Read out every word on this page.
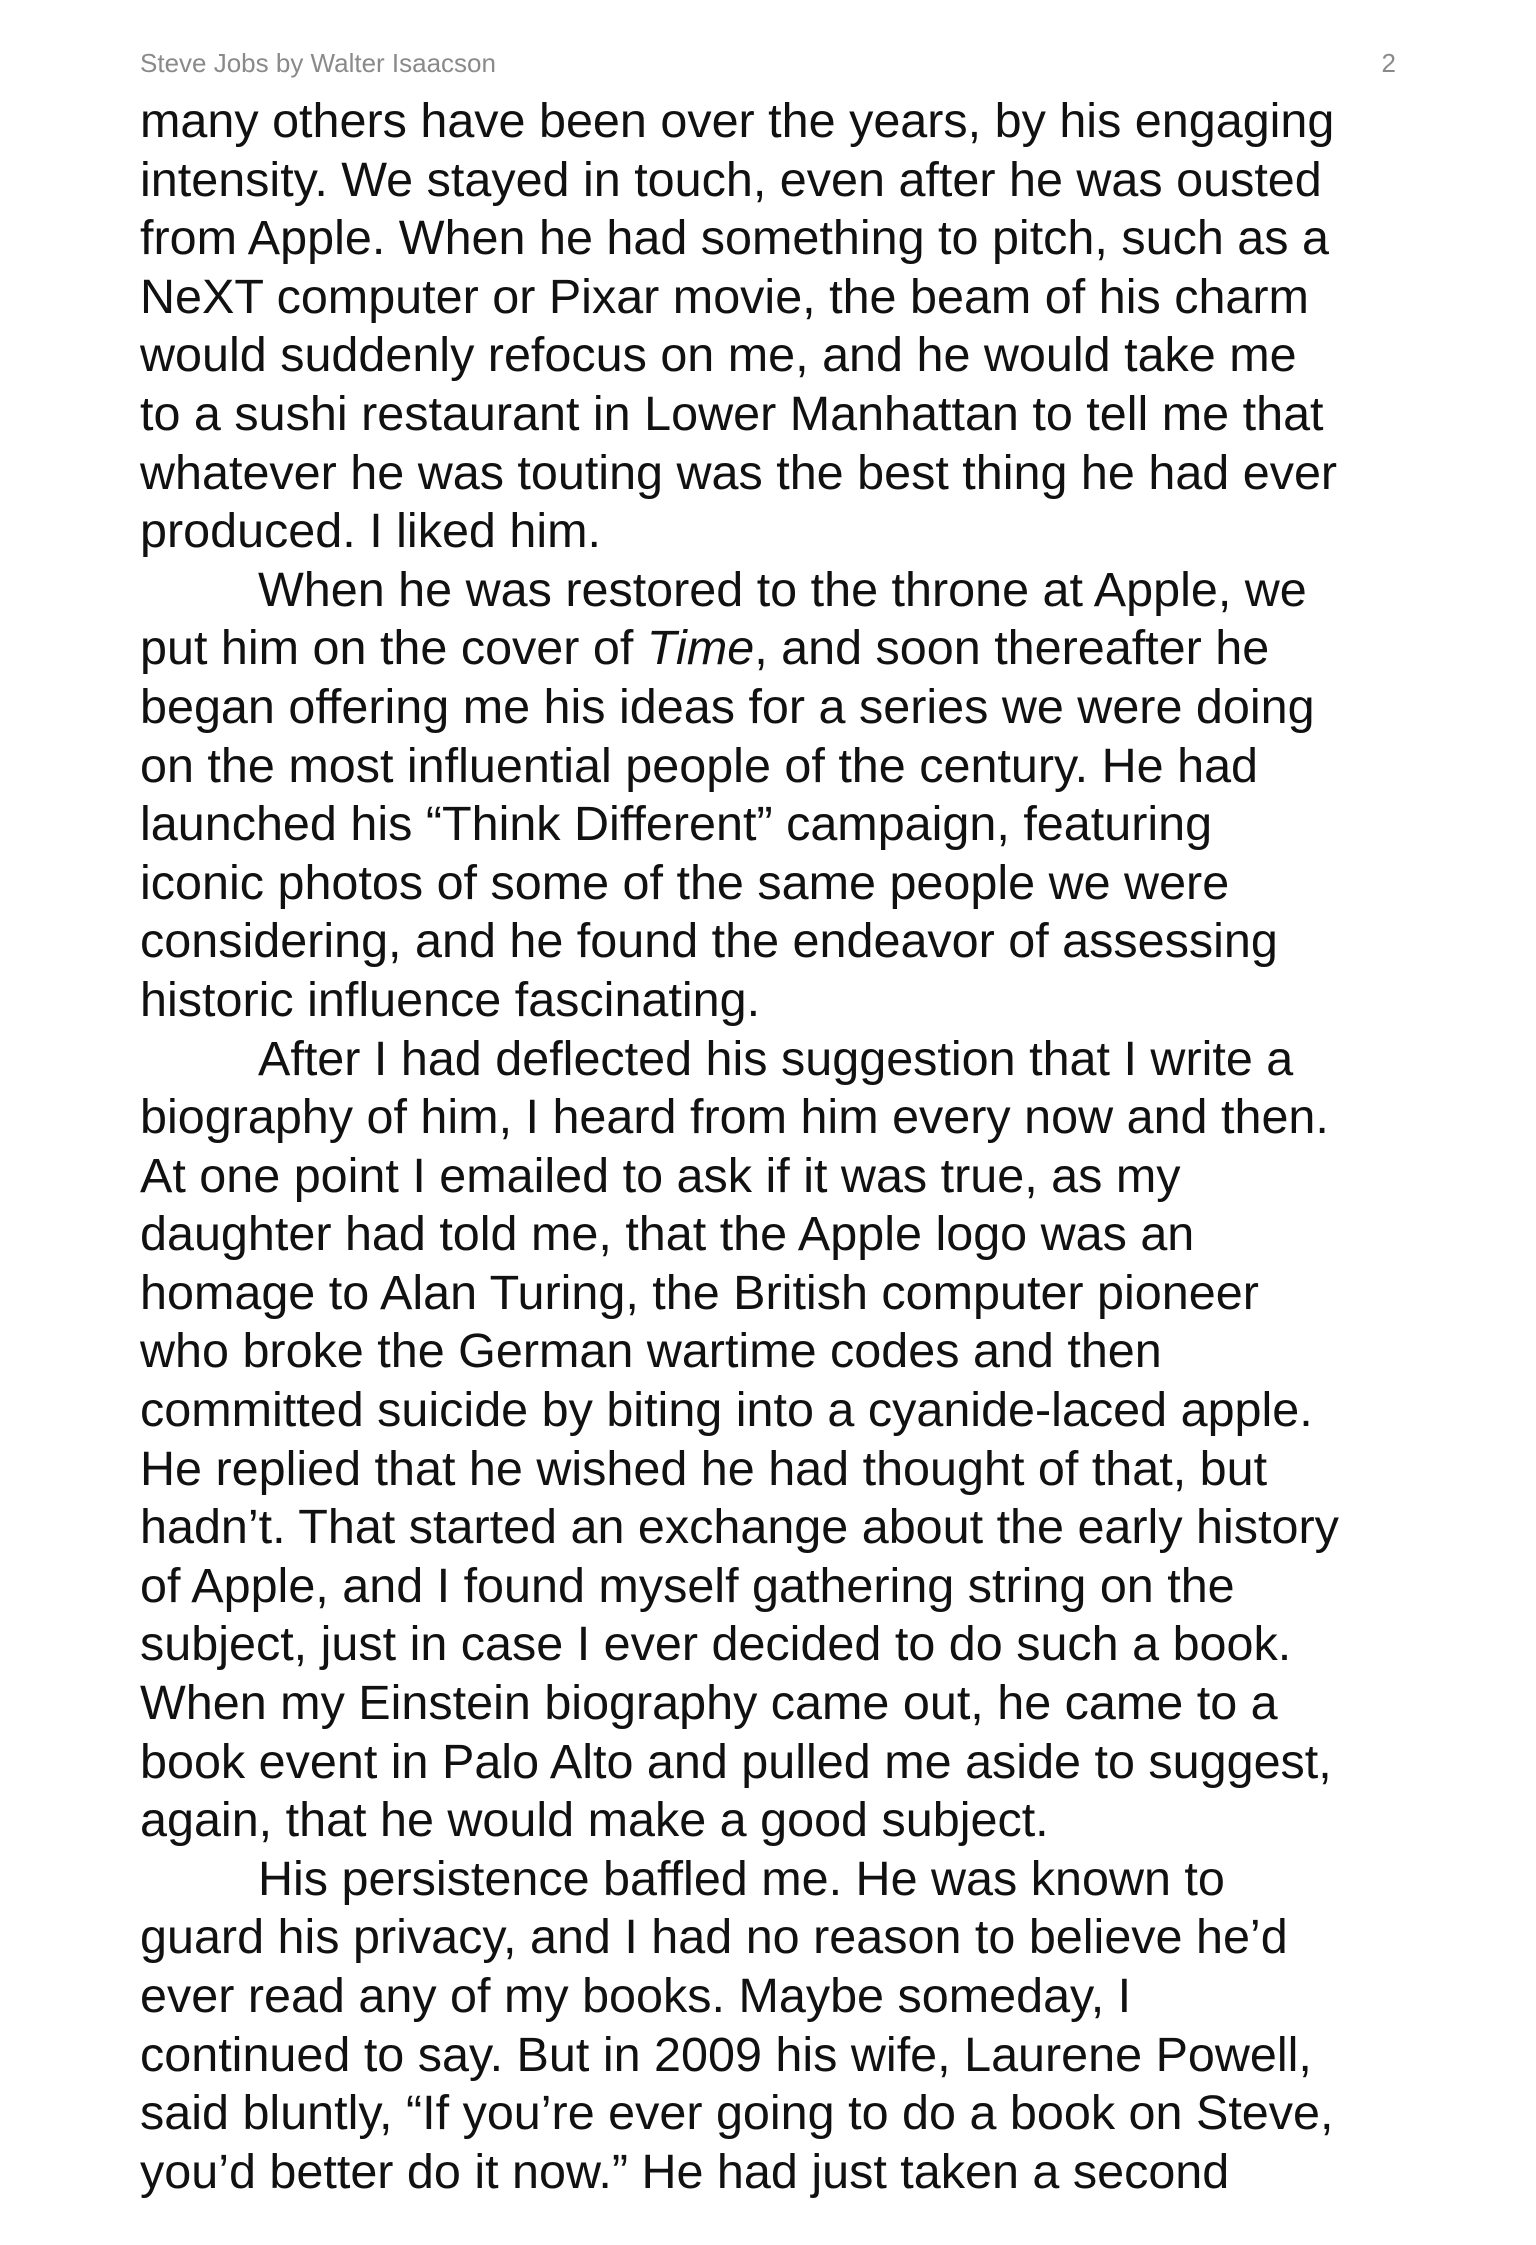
Steve Jobs by Walter Isaacson	2
many others have been over the years, by his engaging
intensity. We stayed in touch, even after he was ousted
from Apple. When he had something to pitch, such as a
NeXT computer or Pixar movie, the beam of his charm
would suddenly refocus on me, and he would take me
to a sushi restaurant in Lower Manhattan to tell me that
whatever he was touting was the best thing he had ever
produced. I liked him.
When he was restored to the throne at Apple, we
put him on the cover of Time, and soon thereafter he
began offering me his ideas for a series we were doing
on the most influential people of the century. He had
launched his “Think Different” campaign, featuring
iconic photos of some of the same people we were
considering, and he found the endeavor of assessing
historic influence fascinating.
After I had deflected his suggestion that I write a
biography of him, I heard from him every now and then.
At one point I emailed to ask if it was true, as my
daughter had told me, that the Apple logo was an
homage to Alan Turing, the British computer pioneer
who broke the German wartime codes and then
committed suicide by biting into a cyanide-laced apple.
He replied that he wished he had thought of that, but
hadn’t. That started an exchange about the early history
of Apple, and I found myself gathering string on the
subject, just in case I ever decided to do such a book.
When my Einstein biography came out, he came to a
book event in Palo Alto and pulled me aside to suggest,
again, that he would make a good subject.
His persistence baffled me. He was known to
guard his privacy, and I had no reason to believe he’d
ever read any of my books. Maybe someday, I
continued to say. But in 2009 his wife, Laurene Powell,
said bluntly, “If you’re ever going to do a book on Steve,
you’d better do it now.” He had just taken a second
